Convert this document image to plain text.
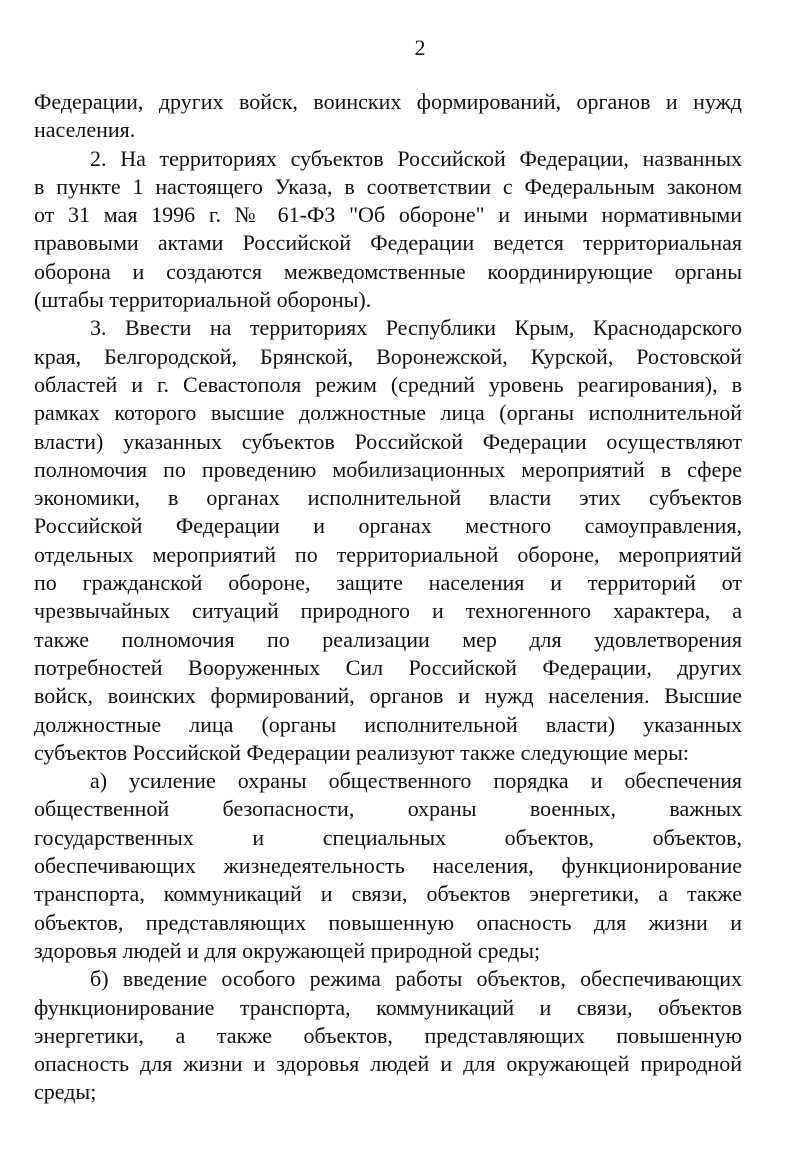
2
Федерации, других войск, воинских формирований, органов и нужд
населения.
2. На территориях субъектов Российской Федерации, названных
в пункте 1 настоящего Указа, в соответствии с Федеральным законом
от 31 мая 1996 г. № 61-ФЗ "Об обороне" и иными нормативными
правовыми актами Российской Федерации ведется территориальная
оборона и создаются межведомственные координирующие органы
(штабы территориальной обороны).
3. Ввести на территориях Республики Крым, Краснодарского
края, Белгородской, Брянской, Воронежской, Курской, Ростовской
областей и г. Севастополя режим (средний уровень реагирования), в
рамках которого высшие должностные лица (органы исполнительной
власти) указанных субъектов Российской Федерации осуществляют
полномочия по проведению мобилизационных мероприятий в сфере
экономики, в органах исполнительной власти этих субъектов
Российской Федерации и органах местного самоуправления,
отдельных мероприятий по территориальной обороне, мероприятий
по гражданской обороне, защите населения и территорий от
чрезвычайных ситуаций природного и техногенного характера, а
также полномочия по реализации мер для удовлетворения
потребностей Вооруженных Сил Российской Федерации, других
войск, воинских формирований, органов и нужд населения. Высшие
должностные лица (органы исполнительной власти) указанных
субъектов Российской Федерации реализуют также следующие меры:
а) усиление охраны общественного порядка и обеспечения
общественной безопасности, охраны военных, важных
государственных и специальных объектов, объектов,
обеспечивающих жизнедеятельность населения, функционирование
транспорта, коммуникаций и связи, объектов энергетики, а также
объектов, представляющих повышенную опасность для жизни и
здоровья людей и для окружающей природной среды;
б) введение особого режима работы объектов, обеспечивающих
функционирование транспорта, коммуникаций и связи, объектов
энергетики, а также объектов, представляющих повышенную
опасность для жизни и здоровья людей и для окружающей природной
среды;
